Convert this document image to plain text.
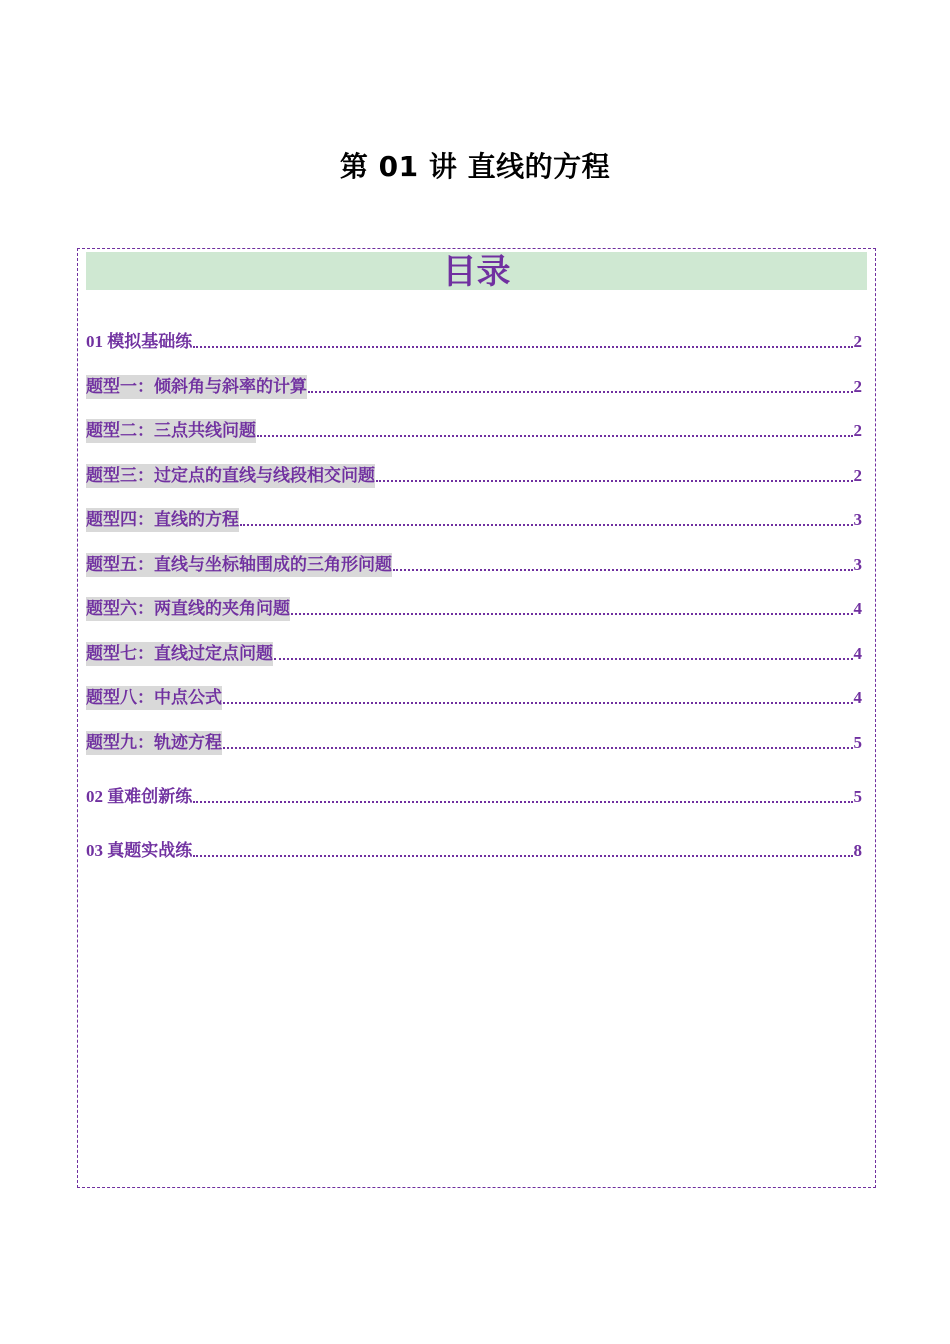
第 01 讲 直线的方程
目录
01 模拟基础练	2
题型一：倾斜角与斜率的计算	2
题型二：三点共线问题	2
题型三：过定点的直线与线段相交问题	2
题型四：直线的方程	3
题型五：直线与坐标轴围成的三角形问题	3
题型六：两直线的夹角问题	4
题型七：直线过定点问题	4
题型八：中点公式	4
题型九：轨迹方程	5
02 重难创新练	5
03 真题实战练	8
